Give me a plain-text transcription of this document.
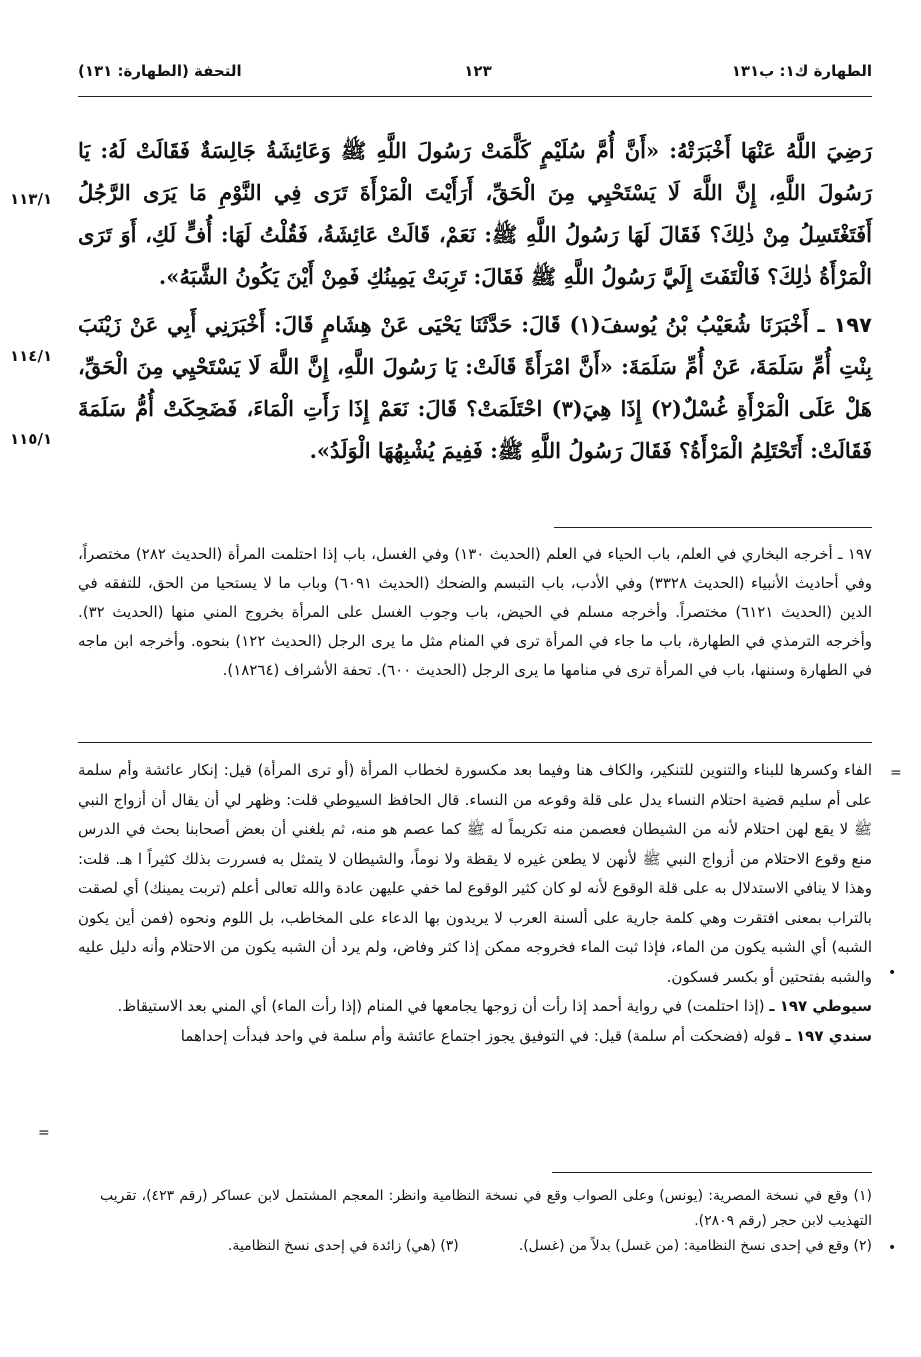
الطهارة ك١: ب١٣١
١٢٣
التحفة (الطهارة: ١٣١)

رَضِيَ اللَّهُ عَنْهَا أَخْبَرَتْهُ: «أَنَّ أُمَّ سُلَيْمٍ كَلَّمَتْ رَسُولَ اللَّهِ ﷺ وَعَائِشَةُ جَالِسَةٌ فَقَالَتْ لَهُ: يَا رَسُولَ اللَّهِ، إِنَّ اللَّهَ لَا يَسْتَحْيِي مِنَ الْحَقِّ، أَرَأَيْتَ الْمَرْأَةَ تَرَى فِي النَّوْمِ مَا يَرَى الرَّجُلُ أَفَتَغْتَسِلُ مِنْ ذٰلِكَ؟ فَقَالَ لَهَا رَسُولُ اللَّهِ ﷺ: نَعَمْ، قَالَتْ عَائِشَةُ، فَقُلْتُ لَهَا: أُفٍّ لَكِ، أَوَ تَرَى الْمَرْأَةُ ذٰلِكَ؟ فَالْتَفَتَ إِلَيَّ رَسُولُ اللَّهِ ﷺ فَقَالَ: تَرِبَتْ يَمِينُكِ فَمِنْ أَيْنَ يَكُونُ الشَّبَهُ».

١٩٧ ـ أَخْبَرَنَا شُعَيْبُ بْنُ يُوسفَ(١) قَالَ: حَدَّثَنَا يَحْيَى عَنْ هِشَامٍ قَالَ: أَخْبَرَنِي أَبِي عَنْ زَيْنَبَ بِنْتِ أُمِّ سَلَمَةَ، عَنْ أُمِّ سَلَمَةَ: «أَنَّ امْرَأَةً قَالَتْ: يَا رَسُولَ اللَّهِ، إِنَّ اللَّهَ لَا يَسْتَحْيِي مِنَ الْحَقِّ، هَلْ عَلَى الْمَرْأَةِ غُسْلٌ(٢) إِذَا هِيَ(٣) احْتَلَمَتْ؟ قَالَ: نَعَمْ إِذَا رَأَتِ الْمَاءَ، فَضَحِكَتْ أُمُّ سَلَمَةَ فَقَالَتْ: أَتَحْتَلِمُ الْمَرْأَةُ؟ فَقَالَ رَسُولُ اللَّهِ ﷺ: فَفِيمَ يُشْبِهُهَا الْوَلَدُ».

١١٣/١
١١٤/١
١١٥/١

١٩٧ ـ أخرجه البخاري في العلم، باب الحياء في العلم (الحديث ١٣٠) وفي الغسل، باب إذا احتلمت المرأة (الحديث ٢٨٢) مختصراً، وفي أحاديث الأنبياء (الحديث ٣٣٢٨) وفي الأدب، باب التبسم والضحك (الحديث ٦٠٩١) وباب ما لا يستحيا من الحق، للتفقه في الدين (الحديث ٦١٢١) مختصراً. وأخرجه مسلم في الحيض، باب وجوب الغسل على المرأة بخروج المني منها (الحديث ٣٢). وأخرجه الترمذي في الطهارة، باب ما جاء في المرأة ترى في المنام مثل ما يرى الرجل (الحديث ١٢٢) بنحوه. وأخرجه ابن ماجه في الطهارة وسننها، باب في المرأة ترى في منامها ما يرى الرجل (الحديث ٦٠٠). تحفة الأشراف (١٨٢٦٤).

الفاء وكسرها للبناء والتنوين للتنكير، والكاف هنا وفيما بعد مكسورة لخطاب المرأة (أو ترى المرأة) قيل: إنكار عائشة وأم سلمة على أم سليم قضية احتلام النساء يدل على قلة وقوعه من النساء. قال الحافظ السيوطي قلت: وظهر لي أن يقال أن أزواج النبي ﷺ لا يقع لهن احتلام لأنه من الشيطان فعصمن منه تكريماً له ﷺ كما عصم هو منه، ثم بلغني أن بعض أصحابنا بحث في الدرس منع وقوع الاحتلام من أزواج النبي ﷺ لأنهن لا يطعن غيره لا يقظة ولا نوماً، والشيطان لا يتمثل به فسررت بذلك كثيراً ا هـ. قلت: وهذا لا ينافي الاستدلال به على قلة الوقوع لأنه لو كان كثير الوقوع لما خفي عليهن عادة والله تعالى أعلم (تربت يمينك) أي لصقت بالتراب بمعنى افتقرت وهي كلمة جارية على ألسنة العرب لا يريدون بها الدعاء على المخاطب، بل اللوم ونحوه (فمن أين يكون الشبه) أي الشبه يكون من الماء، فإذا ثبت الماء فخروجه ممكن إذا كثر وفاض، ولم يرد أن الشبه يكون من الاحتلام وأنه دليل عليه والشبه بفتحتين أو بكسر فسكون.

سيوطي ١٩٧ ـ (إذا احتلمت) في رواية أحمد إذا رأت أن زوجها يجامعها في المنام (إذا رأت الماء) أي المني بعد الاستيقاظ.

سندي ١٩٧ ـ قوله (فضحكت أم سلمة) قيل: في التوفيق يجوز اجتماع عائشة وأم سلمة في واحد فبدأت إحداهما

=
=
•
•

(١) وقع في نسخة المصرية: (يونس) وعلى الصواب وقع في نسخة النظامية وانظر: المعجم المشتمل لابن عساكر (رقم ٤٢٣)، تقريب التهذيب لابن حجر (رقم ٢٨٠٩).

(٢) وقع في إحدى نسخ النظامية: (من غسل) بدلاً من (غسل).

(٣) (هي) زائدة في إحدى نسخ النظامية.
